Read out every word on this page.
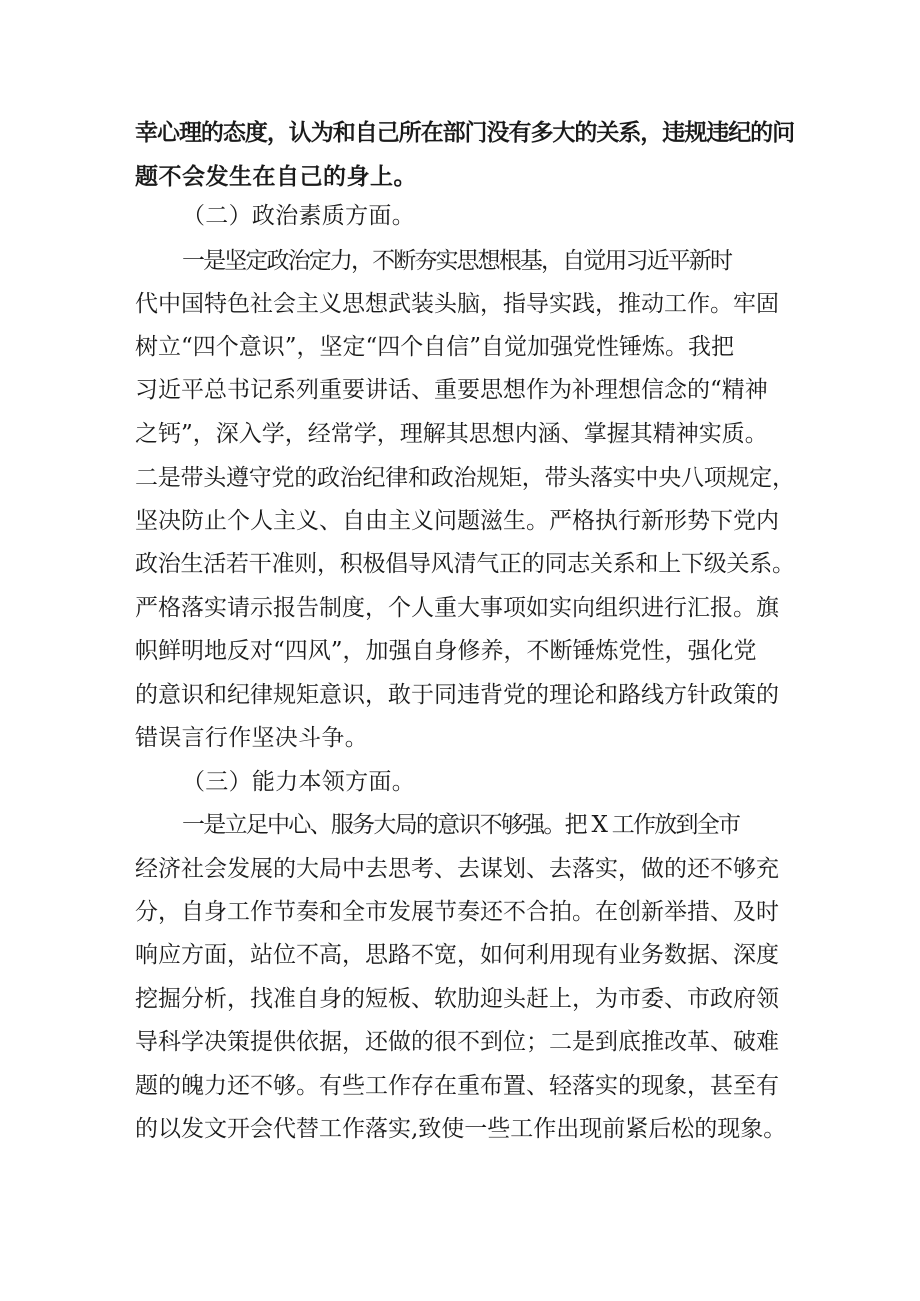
幸心理的态度，认为和自己所在部门没有多大的关系，违规违纪的问
题不会发生在自己的身上。
（二）政治素质方面。
一是坚定政治定力，不断夯实思想根基，自觉用习近平新时
代中国特色社会主义思想武装头脑，指导实践，推动工作。牢固
树立“四个意识”，坚定“四个自信”自觉加强党性锤炼。我把
习近平总书记系列重要讲话、重要思想作为补理想信念的“精神
之钙”，深入学，经常学，理解其思想内涵、掌握其精神实质。
二是带头遵守党的政治纪律和政治规矩，带头落实中央八项规定，
坚决防止个人主义、自由主义问题滋生。严格执行新形势下党内
政治生活若干准则，积极倡导风清气正的同志关系和上下级关系。
严格落实请示报告制度，个人重大事项如实向组织进行汇报。旗
帜鲜明地反对“四风”，加强自身修养，不断锤炼党性，强化党
的意识和纪律规矩意识，敢于同违背党的理论和路线方针政策的
错误言行作坚决斗争。
（三）能力本领方面。
一是立足中心、服务大局的意识不够强。把 X 工作放到全市
经济社会发展的大局中去思考、去谋划、去落实，做的还不够充
分，自身工作节奏和全市发展节奏还不合拍。在创新举措、及时
响应方面，站位不高，思路不宽，如何利用现有业务数据、深度
挖掘分析，找准自身的短板、软肋迎头赶上，为市委、市政府领
导科学决策提供依据，还做的很不到位；二是到底推改革、破难
题的魄力还不够。有些工作存在重布置、轻落实的现象，甚至有
的以发文开会代替工作落实,致使一些工作出现前紧后松的现象。
